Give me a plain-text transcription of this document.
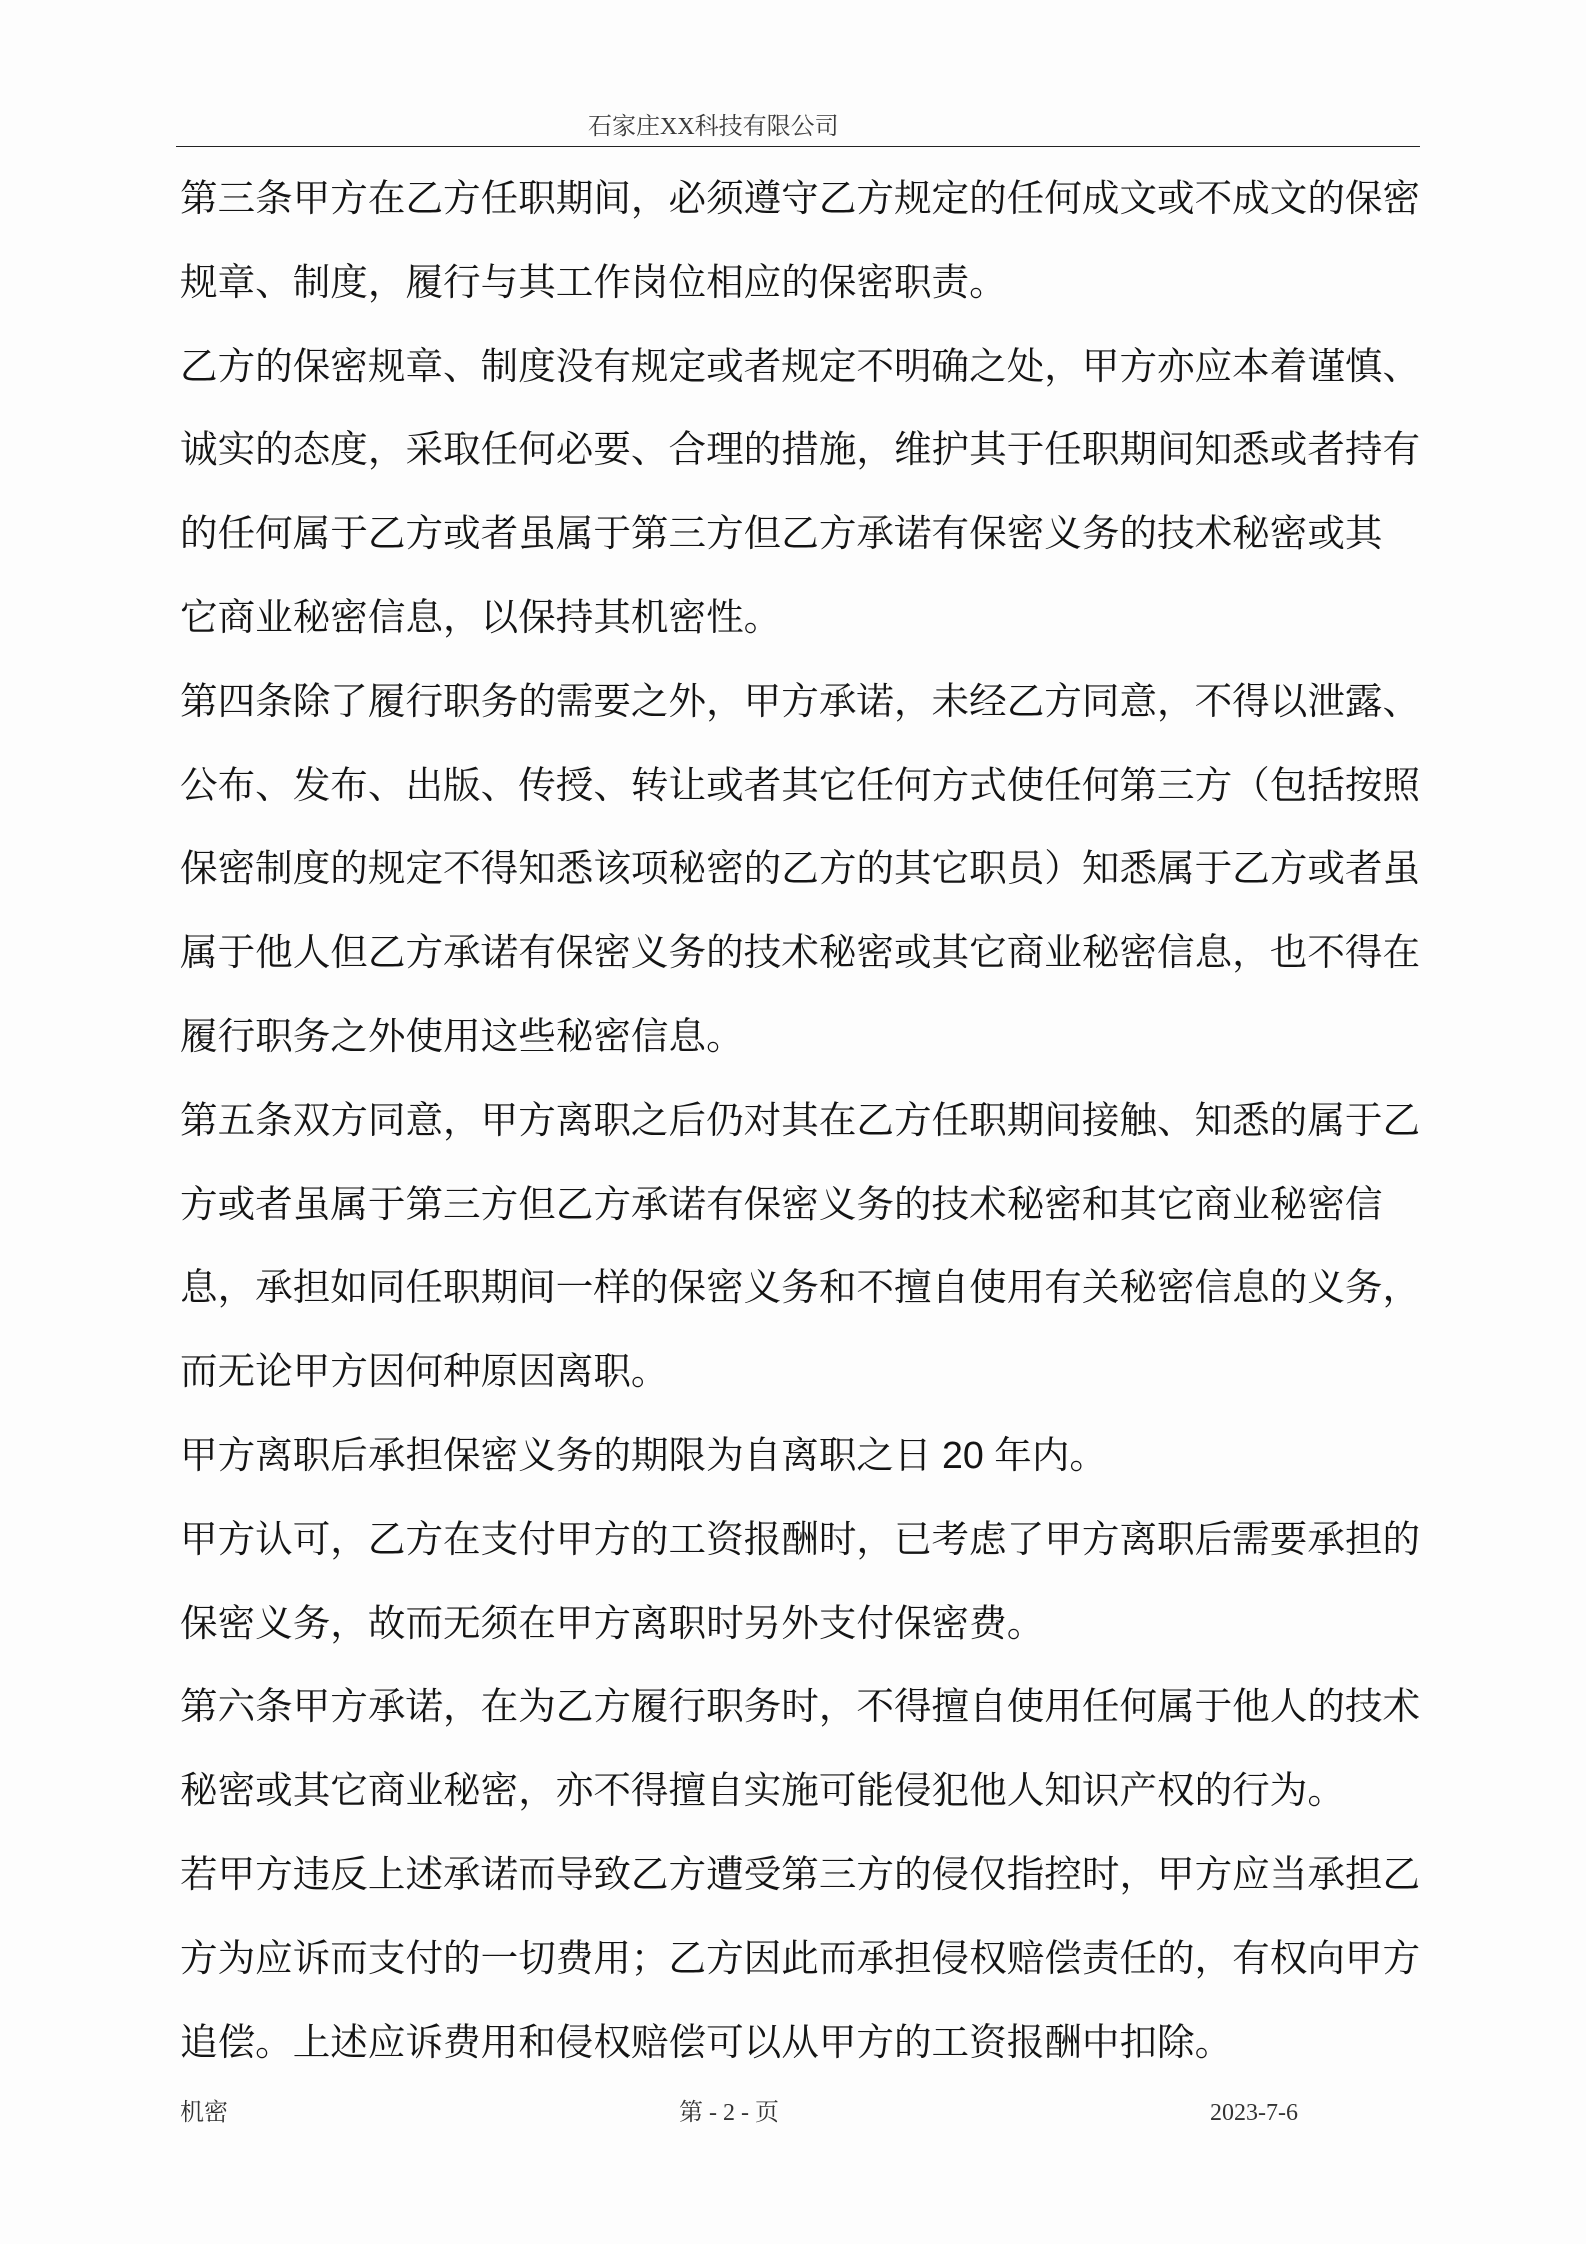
石家庄XX科技有限公司
第三条甲方在乙方任职期间，必须遵守乙方规定的任何成文或不成文的保密
规章、制度，履行与其工作岗位相应的保密职责。
乙方的保密规章、制度没有规定或者规定不明确之处，甲方亦应本着谨慎、
诚实的态度，采取任何必要、合理的措施，维护其于任职期间知悉或者持有
的任何属于乙方或者虽属于第三方但乙方承诺有保密义务的技术秘密或其
它商业秘密信息，以保持其机密性。
第四条除了履行职务的需要之外，甲方承诺，未经乙方同意，不得以泄露、
公布、发布、出版、传授、转让或者其它任何方式使任何第三方（包括按照
保密制度的规定不得知悉该项秘密的乙方的其它职员）知悉属于乙方或者虽
属于他人但乙方承诺有保密义务的技术秘密或其它商业秘密信息，也不得在
履行职务之外使用这些秘密信息。
第五条双方同意，甲方离职之后仍对其在乙方任职期间接触、知悉的属于乙
方或者虽属于第三方但乙方承诺有保密义务的技术秘密和其它商业秘密信
息，承担如同任职期间一样的保密义务和不擅自使用有关秘密信息的义务，
而无论甲方因何种原因离职。
甲方离职后承担保密义务的期限为自离职之日 20 年内。
甲方认可，乙方在支付甲方的工资报酬时，已考虑了甲方离职后需要承担的
保密义务，故而无须在甲方离职时另外支付保密费。
第六条甲方承诺，在为乙方履行职务时，不得擅自使用任何属于他人的技术
秘密或其它商业秘密，亦不得擅自实施可能侵犯他人知识产权的行为。
若甲方违反上述承诺而导致乙方遭受第三方的侵仅指控时，甲方应当承担乙
方为应诉而支付的一切费用；乙方因此而承担侵权赔偿责任的，有权向甲方
追偿。上述应诉费用和侵权赔偿可以从甲方的工资报酬中扣除。
机密	第 - 2 - 页	2023-7-6
